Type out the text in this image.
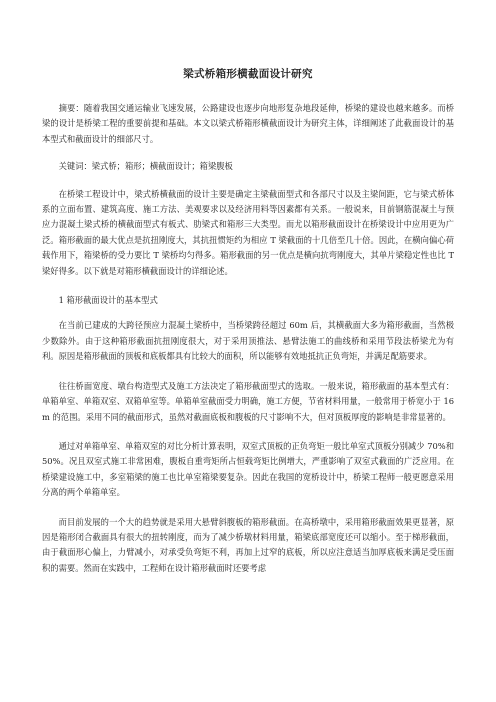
梁式桥箱形横截面设计研究

摘要：随着我国交通运输业飞速发展，公路建设也逐步向地形复杂地段延伸，桥梁的建设也越来越多。而桥梁的设计是桥梁工程的重要前提和基础。本文以梁式桥箱形横截面设计为研究主体，详细阐述了此截面设计的基本型式和截面设计的细部尺寸。

关键词：梁式桥；箱形；横截面设计；箱梁腹板

在桥梁工程设计中，梁式桥横截面的设计主要是确定主梁截面型式和各部尺寸以及主梁间距，它与梁式桥体系的立面布置、建筑高度、施工方法、美观要求以及经济用料等因素都有关系。一般说来，目前钢筋混凝土与预应力混凝土梁式桥的横截面型式有板式、肋梁式和箱形三大类型。而尤以箱形截面设计在桥梁设计中应用更为广泛。箱形截面的最大优点是抗扭刚度大，其抗扭惯矩约为相应 T 梁截面的十几倍至几十倍。因此，在横向偏心荷载作用下，箱梁桥的受力要比 T 梁桥均匀得多。箱形截面的另一优点是横向抗弯刚度大，其单片梁稳定性也比 T 梁好得多。以下就是对箱形横截面设计的详细论述。

1 箱形截面设计的基本型式

在当前已建成的大跨径预应力混凝土梁桥中，当桥梁跨径超过 60m 后，其横截面大多为箱形截面，当然极少数除外。由于这种箱形截面抗扭刚度很大，对于采用顶推法、悬臂法施工的曲线桥和采用节段法桥梁尤为有利。原因是箱形截面的顶板和底板都具有比较大的面积，所以能够有效地抵抗正负弯矩，并满足配筋要求。

往往桥面宽度、墩台构造型式及施工方法决定了箱形截面型式的选取。一般来说，箱形截面的基本型式有：单箱单室、单箱双室、双箱单室等。单箱单室截面受力明确，施工方便，节省材料用量，一般常用于桥宽小于 16m 的范围。采用不同的截面形式，虽然对截面底板和腹板的尺寸影响不大，但对顶板厚度的影响是非常显著的。

通过对单箱单室、单箱双室的对比分析计算表明，双室式顶板的正负弯矩一般比单室式顶板分别减少 70%和 50%。况且双室式施工非常困难，腹板自重弯矩所占恒载弯矩比例增大，严重影响了双室式截面的广泛应用。在桥梁建设施工中，多室箱梁的施工也比单室箱梁要复杂。因此在我国的宽桥设计中，桥梁工程师一般更愿意采用分离的两个单箱单室。

而目前发展的一个大的趋势就是采用大悬臂斜腹板的箱形截面。在高桥墩中，采用箱形截面效果更显著，原因是箱形闭合截面具有很大的扭转刚度，而为了减少桥墩材料用量，箱梁底部宽度还可以缩小。至于梯形截面，由于截面形心偏上，力臂减小，对承受负弯矩不利，再加上过窄的底板，所以应注意适当加厚底板来满足受压面积的需要。然而在实践中，工程师在设计箱形截面时还要考虑
